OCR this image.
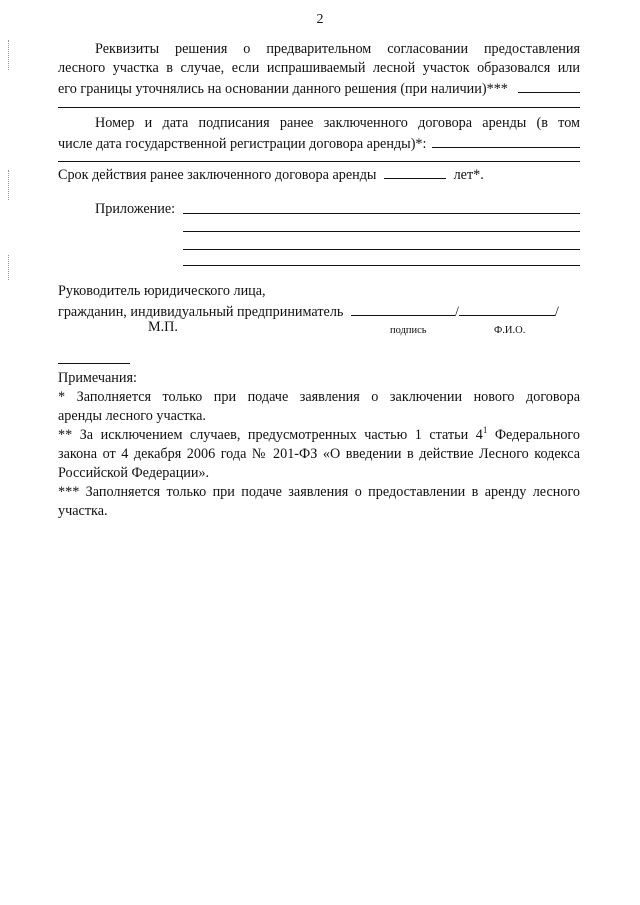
2
Реквизиты решения о предварительном согласовании предоставления
лесного участка в случае, если испрашиваемый лесной участок образовался или
его границы уточнялись на основании данного решения (при наличии)***
Номер и дата подписания ранее заключенного договора аренды (в том
числе дата государственной регистрации договора аренды)*:
Срок действия ранее заключенного договора аренды	лет*.
Приложение:
Руководитель юридического лица,
гражданин, индивидуальный предприниматель	/	/
М.П.	подпись	Ф.И.О.
Примечания:
* Заполняется только при подаче заявления о заключении нового договора
аренды лесного участка.
** За исключением случаев, предусмотренных частью 1 статьи $4^1$ Федерального
закона от 4 декабря 2006 года № 201-ФЗ «О введении в действие Лесного кодекса
Российской Федерации».
*** Заполняется только при подаче заявления о предоставлении в аренду лесного
участка.
